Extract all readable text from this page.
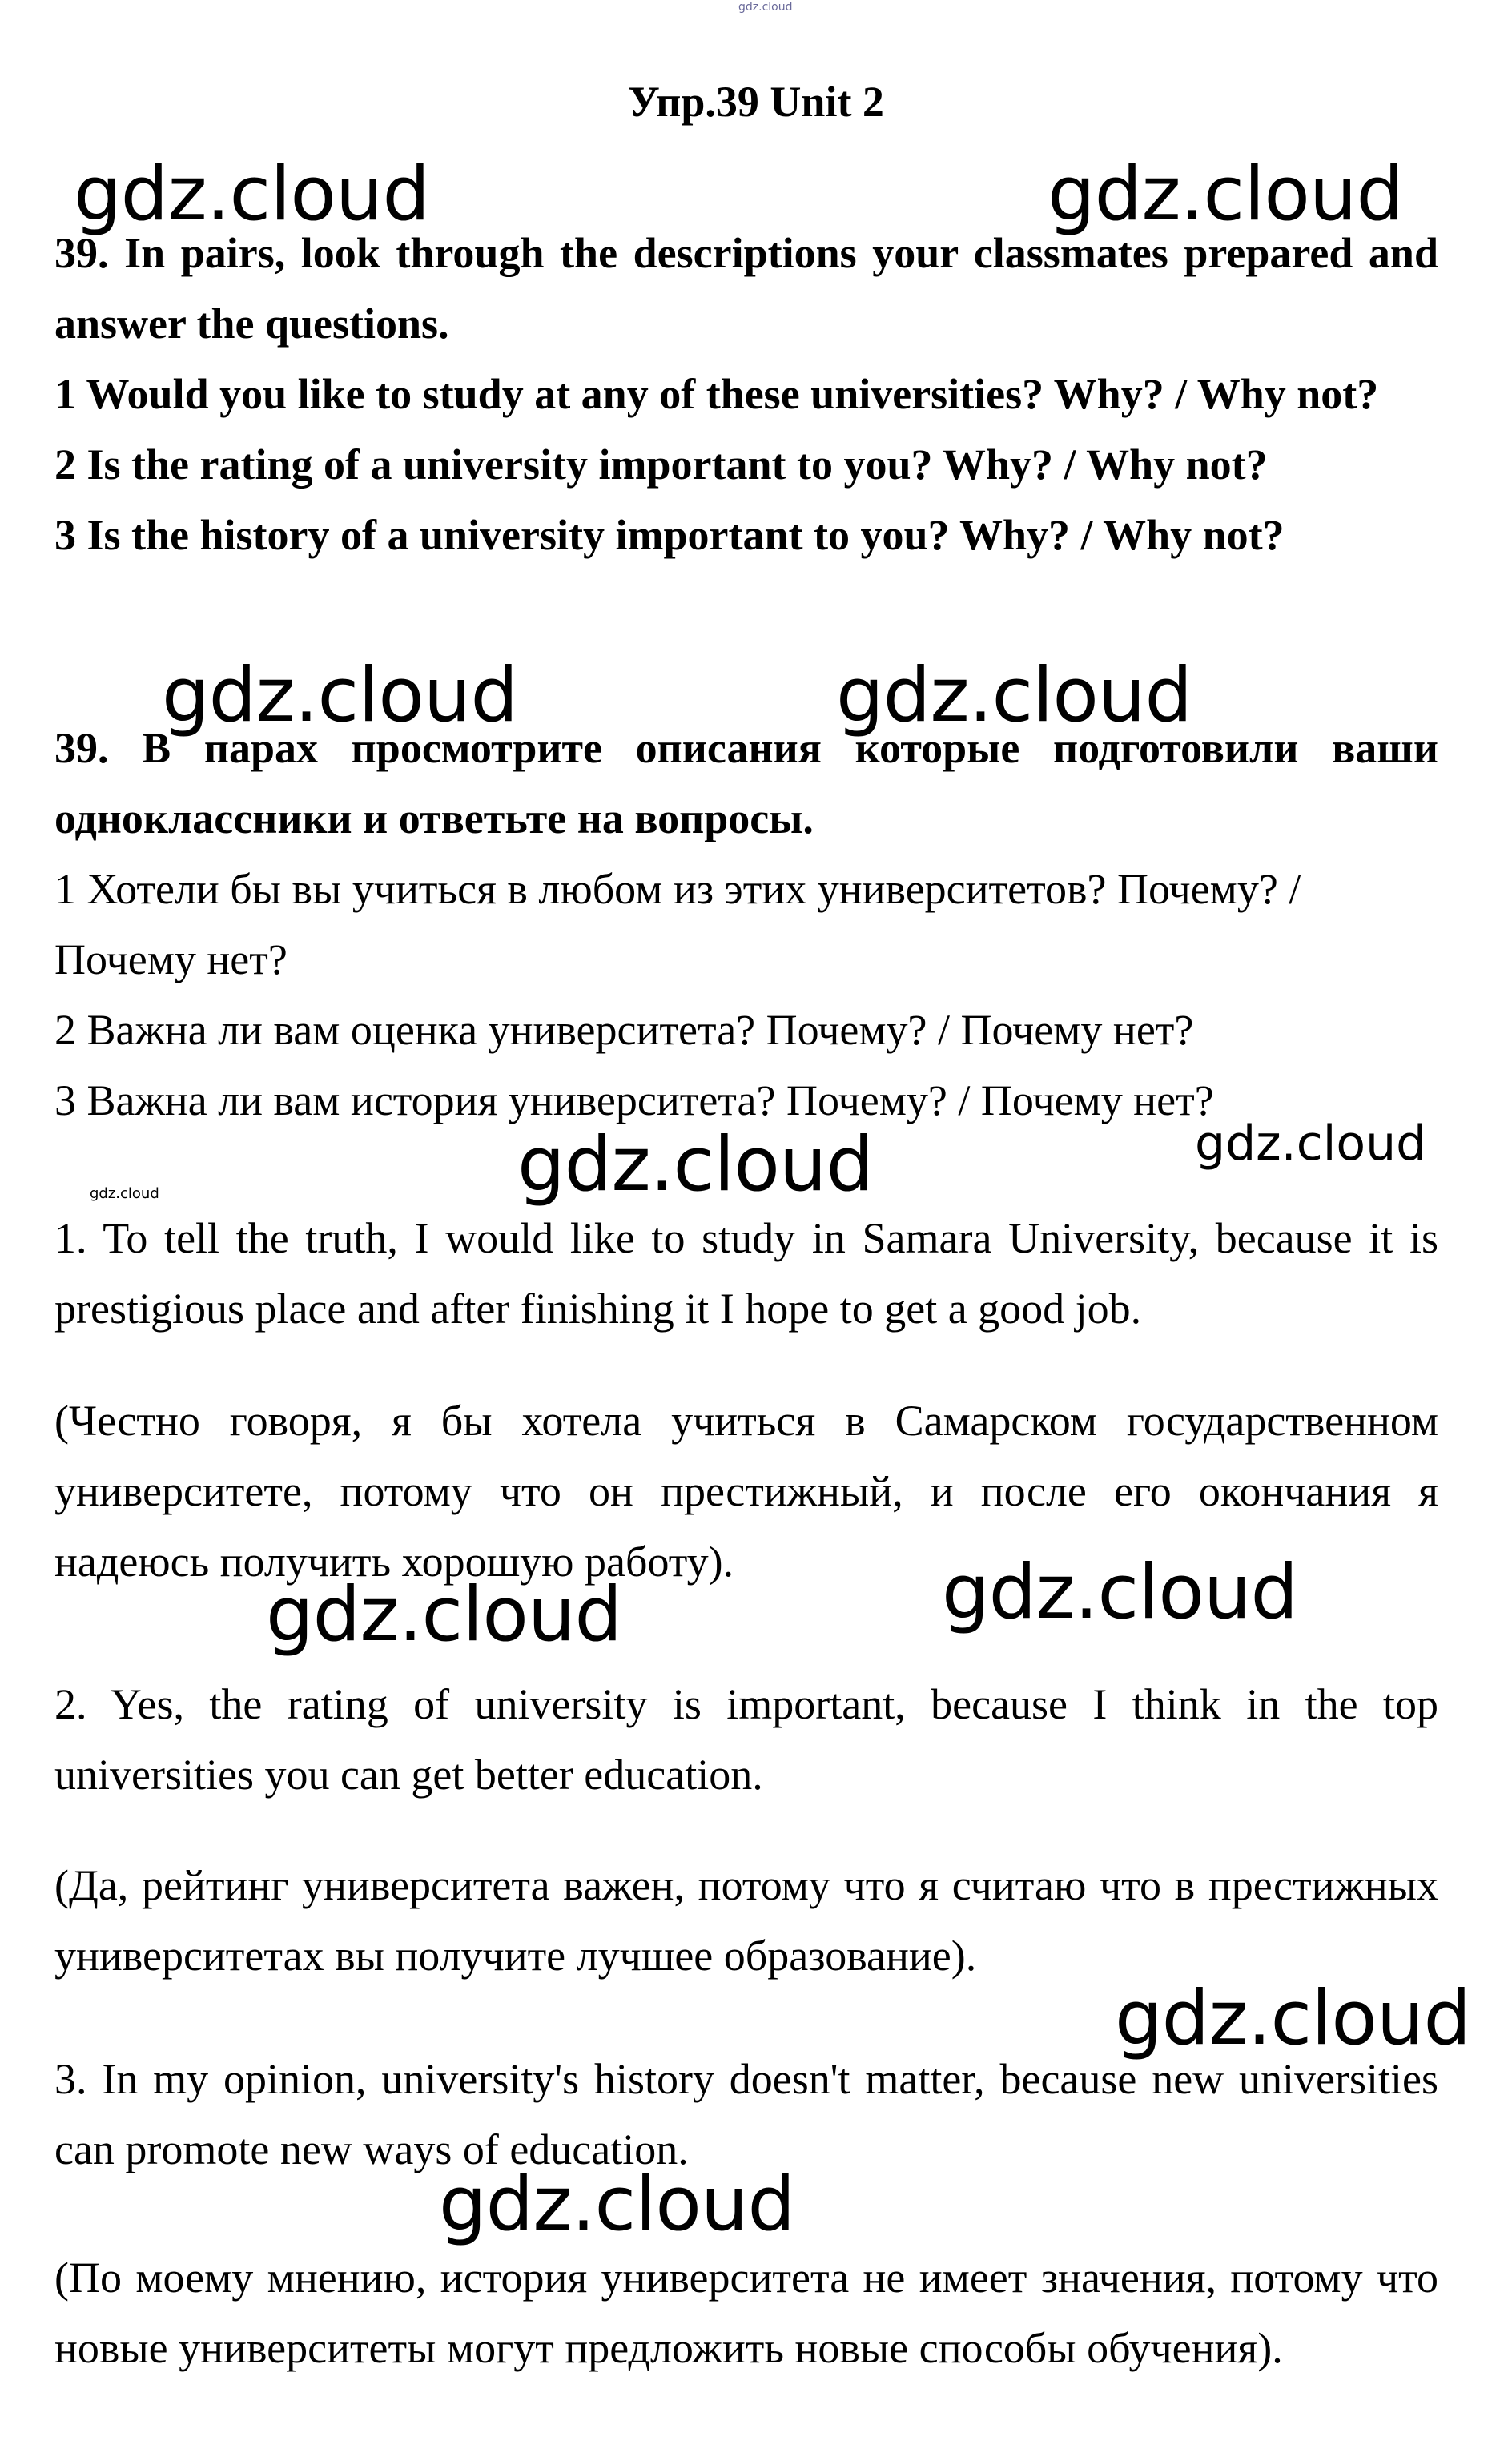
gdz.cloud
Упр.39 Unit 2

39. In pairs, look through the descriptions your classmates prepared and answer the questions.

1 Would you like to study at any of these universities? Why? / Why not?

2 Is the rating of a university important to you? Why? / Why not?

3 Is the history of a university important to you? Why? / Why not?

39. В парах просмотрите описания которые подготовили ваши одноклассники и ответьте на вопросы.

1 Хотели бы вы учиться в любом из этих университетов? Почему? / Почему нет?

2 Важна ли вам оценка университета? Почему? / Почему нет?

3 Важна ли вам история университета? Почему? / Почему нет?

1. To tell the truth, I would like to study in Samara University, because it is prestigious place and after finishing it I hope to get a good job.

(Честно говоря, я бы хотела учиться в Самарском государственном университете, потому что он престижный, и после его окончания я надеюсь получить хорошую работу).

2. Yes, the rating of university is important, because I think in the top universities you can get better education.

(Да, рейтинг университета важен, потому что я считаю что в престижных университетах вы получите лучшее образование).

3. In my opinion, university's history doesn't matter, because new universities can promote new ways of education.

(По моему мнению, история университета не имеет значения, потому что новые университеты могут предложить новые способы обучения).

gdz.cloud	gdz.cloud
gdz.cloud	gdz.cloud
gdz.cloud	gdz.cloud
gdz.cloud
gdz.cloud
gdz.cloud
gdz.cloud
gdz.cloud
